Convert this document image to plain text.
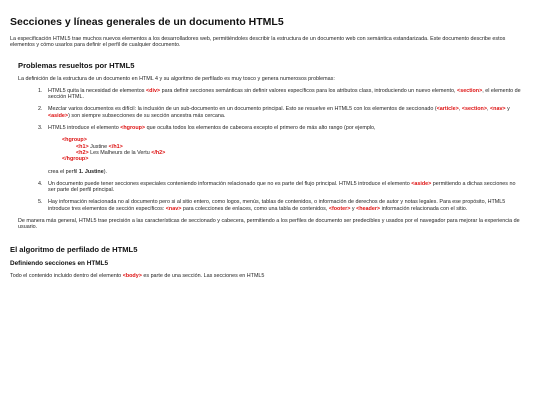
Secciones y líneas generales de un documento HTML5

La especificación HTML5 trae muchos nuevos elementos a los desarrolladores web, permitiéndoles describir la estructura de un documento web con semántica estandarizada. Este documento describe estos elementos y cómo usarlos para definir el perfil de cualquier documento.

Problemas resueltos por HTML5

La definición de la estructura de un documento en HTML 4 y su algoritmo de perfilado es muy tosco y genera numerosos problemas:

1. HTML5 quita la necesidad de elementos <div> para definir secciones semánticas sin definir valores específicos para los atributos class, introduciendo un nuevo elemento, <section>, el elemento de sección HTML.

2. Mezclar varios documentos es difícil: la inclusión de un sub-documento en un documento principal. Esto se resuelve en HTML5 con los elementos de seccionado (<article>, <section>, <nav> y <aside>) son siempre subsecciones de su sección ancestra más cercana.

3. HTML5 introduce el elemento <hgroup> que oculta todos los elementos de cabecera excepto el primero de más alto rango (por ejemplo,

<hgroup>
<h1> Justine </h1>
<h2> Les Malheurs de la Vertu </h2>
</hgroup>

crea el perfil 1. Justine).

4. Un documento puede tener secciones especiales conteniendo información relacionado que no es parte del flujo principal. HTML5 introduce el elemento <aside> permitiendo a dichas secciones no ser parte del perfil principal.

5. Hay información relacionada no al documento pero si al sitio entero, como logos, menús, tablas de contenidos, o información de derechos de autor y notas legales. Para ese propósito, HTML5 introduce tres elementos de sección específicos: <nav> para colecciones de enlaces, como una tabla de contenidos, <footer> y <header> información relacionada con el sitio.

De manera más general, HTML5 trae precisión a las características de seccionado y cabecera, permitiendo a los perfiles de documento ser predecibles y usados por el navegador para mejorar la experiencia de usuario.

El algoritmo de perfilado de HTML5
Definiendo secciones en HTML5

Todo el contenido incluido dentro del elemento <body> es parte de una sección. Las secciones en HTML5
